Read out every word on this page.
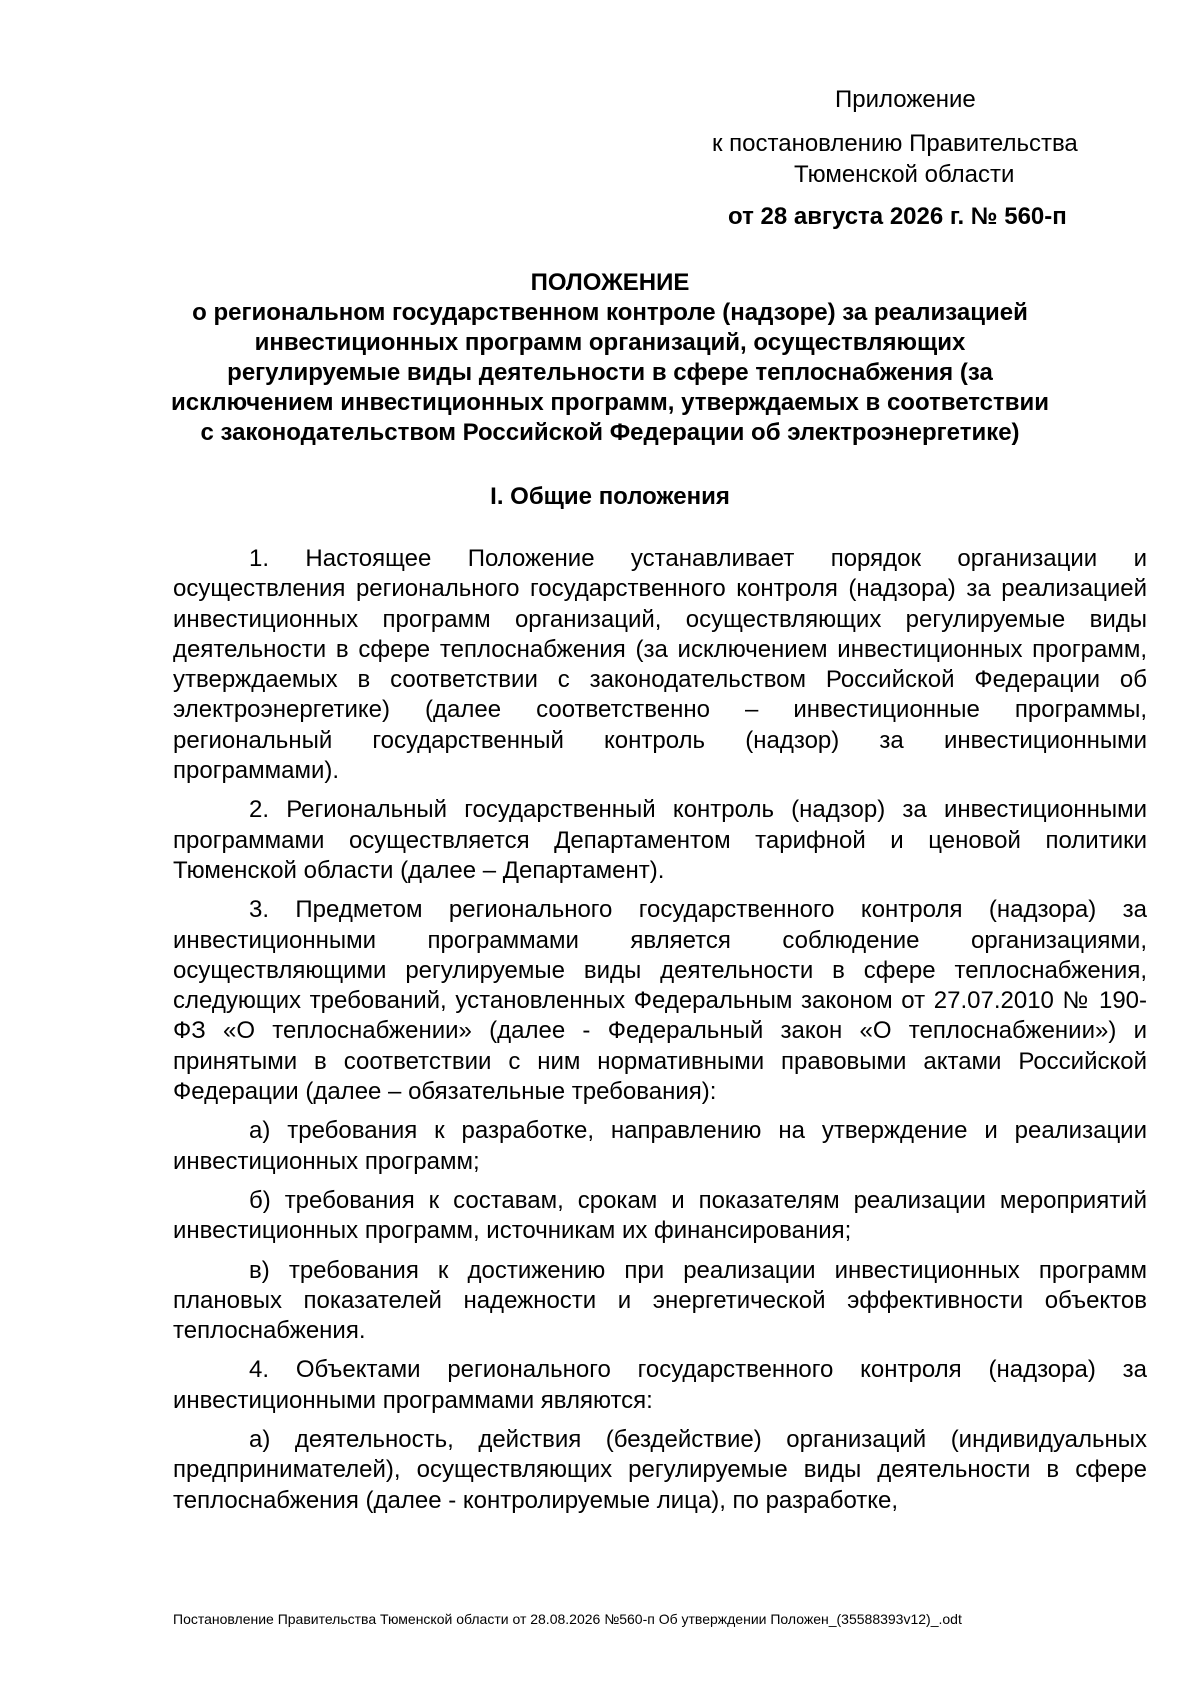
Приложение
к постановлению Правительства
Тюменской области
от 28 августа 2026 г. № 560-п
ПОЛОЖЕНИЕ
о региональном государственном контроле (надзоре) за реализацией
инвестиционных программ организаций, осуществляющих
регулируемые виды деятельности в сфере теплоснабжения (за
исключением инвестиционных программ, утверждаемых в соответствии
с законодательством Российской Федерации об электроэнергетике)
I. Общие положения

1. Настоящее Положение устанавливает порядок организации и осуществления регионального государственного контроля (надзора) за реализацией инвестиционных программ организаций, осуществляющих регулируемые виды деятельности в сфере теплоснабжения (за исключением инвестиционных программ, утверждаемых в соответствии с законодательством Российской Федерации об электроэнергетике) (далее соответственно – инвестиционные программы, региональный государственный контроль (надзор) за инвестиционными программами).

2. Региональный государственный контроль (надзор) за инвестиционными программами осуществляется Департаментом тарифной и ценовой политики Тюменской области (далее – Департамент).

3. Предметом регионального государственного контроля (надзора) за инвестиционными программами является соблюдение организациями, осуществляющими регулируемые виды деятельности в сфере теплоснабжения, следующих требований, установленных Федеральным законом от 27.07.2010 № 190-ФЗ «О теплоснабжении» (далее - Федеральный закон «О теплоснабжении») и принятыми в соответствии с ним нормативными правовыми актами Российской Федерации (далее – обязательные требования):

а) требования к разработке, направлению на утверждение и реализации инвестиционных программ;

б) требования к составам, срокам и показателям реализации мероприятий инвестиционных программ, источникам их финансирования;

в) требования к достижению при реализации инвестиционных программ плановых показателей надежности и энергетической эффективности объектов теплоснабжения.

4. Объектами регионального государственного контроля (надзора) за инвестиционными программами являются:

а) деятельность, действия (бездействие) организаций (индивидуальных предпринимателей), осуществляющих регулируемые виды деятельности в сфере теплоснабжения (далее - контролируемые лица), по разработке,

Постановление Правительства Тюменской области от 28.08.2026 №560-п Об утверждении Положен_(35588393v12)_.odt
